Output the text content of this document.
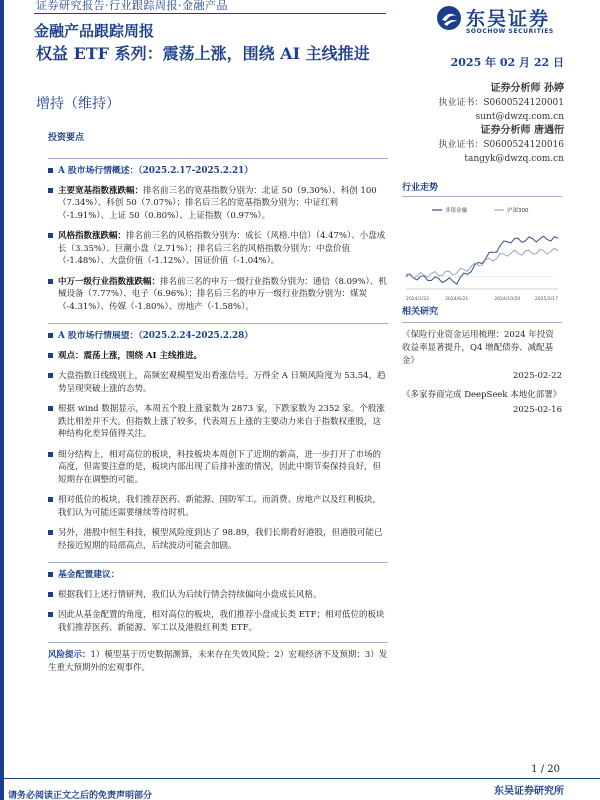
证券研究报告·行业跟踪周报·金融产品
金融产品跟踪周报
东吴证券
SOOCHOW SECURITIES
权益 ETF 系列：震荡上涨，围绕 AI 主线推进
增持（维持）
投资要点
2025 年 02 月 22 日
证券分析师 孙婷
执业证书：S0600524120001
sunt@dwzq.com.cn
证券分析师 唐遇衎
执业证书：S0600524120016
tangyk@dwzq.com.cn
A 股市场行情概述：（2025.2.17-2025.2.21）
主要宽基指数涨跌幅：排名前三名的宽基指数分别为：北证 50（9.30%）、科创 100（7.34%）、科创 50（7.07%）；排名后三名的宽基指数分别为：中证红利（-1.91%）、上证 50（0.80%）、上证指数（0.97%）。
风格指数涨跌幅：排名前三名的风格指数分别为：成长（风格.中信）（4.47%）、小盘成长（3.35%）、巨潮小盘（2.71%）；排名后三名的风格指数分别为：中盘价值（-1.48%）、大盘价值（-1.12%）、国证价值（-1.04%）。
中万一级行业指数涨跌幅：排名前三名的申万一级行业指数分别为：通信（8.09%）、机械设备（7.77%）、电子（6.96%）；排名后三名的申万一级行业指数分别为：煤炭（-4.31%）、传媒（-1.80%）、房地产（-1.58%）。
A 股市场行情展望：（2025.2.24-2025.2.28）
观点：震荡上涨，围绕 AI 主线推进。
大盘指数日线级别上，高频宏观模型发出看涨信号。万得全 A 日频风险度为 53.54，趋势呈现突破上涨的态势。
根据 wind 数据显示，本周五个股上涨家数为 2873 家，下跌家数为 2352 家。个股涨跌比相差并不大。但指数上涨了较多，代表周五上涨的主要动力来自于指数权重股，这种结构化差异值得关注。
细分结构上，相对高位的板块，科技板块本周创下了近期的新高，进一步打开了市场的高度，但需要注意的是，板块内部出现了后排补涨的情况，因此中期节奏保持良好，但短期存在调整的可能。
相对低位的板块，我们推荐医药、新能源、国防军工。而消费、房地产以及红利板块，我们认为可能还需要继续等待时机。
另外，港股中恒生科技，模型风险度到达了 98.89，我们长期看好港股，但港股可能已经接近短期的局部高点，后续波动可能会加剧。
基金配置建议：
根据我们上述行情研判，我们认为后续行情会持续偏向小盘成长风格。
因此从基金配置的角度，相对高位的板块，我们推荐小盘成长类 ETF；相对低位的板块我们推荐医药、新能源、军工以及港股红利类 ETF。
风险提示：1）模型基于历史数据测算，未来存在失效风险；2）宏观经济不及预期；3）发生重大预期外的宏观事件。
行业走势
非银金融	沪深300
2024/2/22	2024/6/21	2024/10/20	2025/2/17
相关研究
《保险行业资金运用梳理：2024 年投资收益率显著提升，Q4 增配债券、减配基金》
2025-02-22
《多家券商完成 DeepSeek 本地化部署》
2025-02-16
1 / 20
请务必阅读正文之后的免责声明部分	东吴证券研究所
